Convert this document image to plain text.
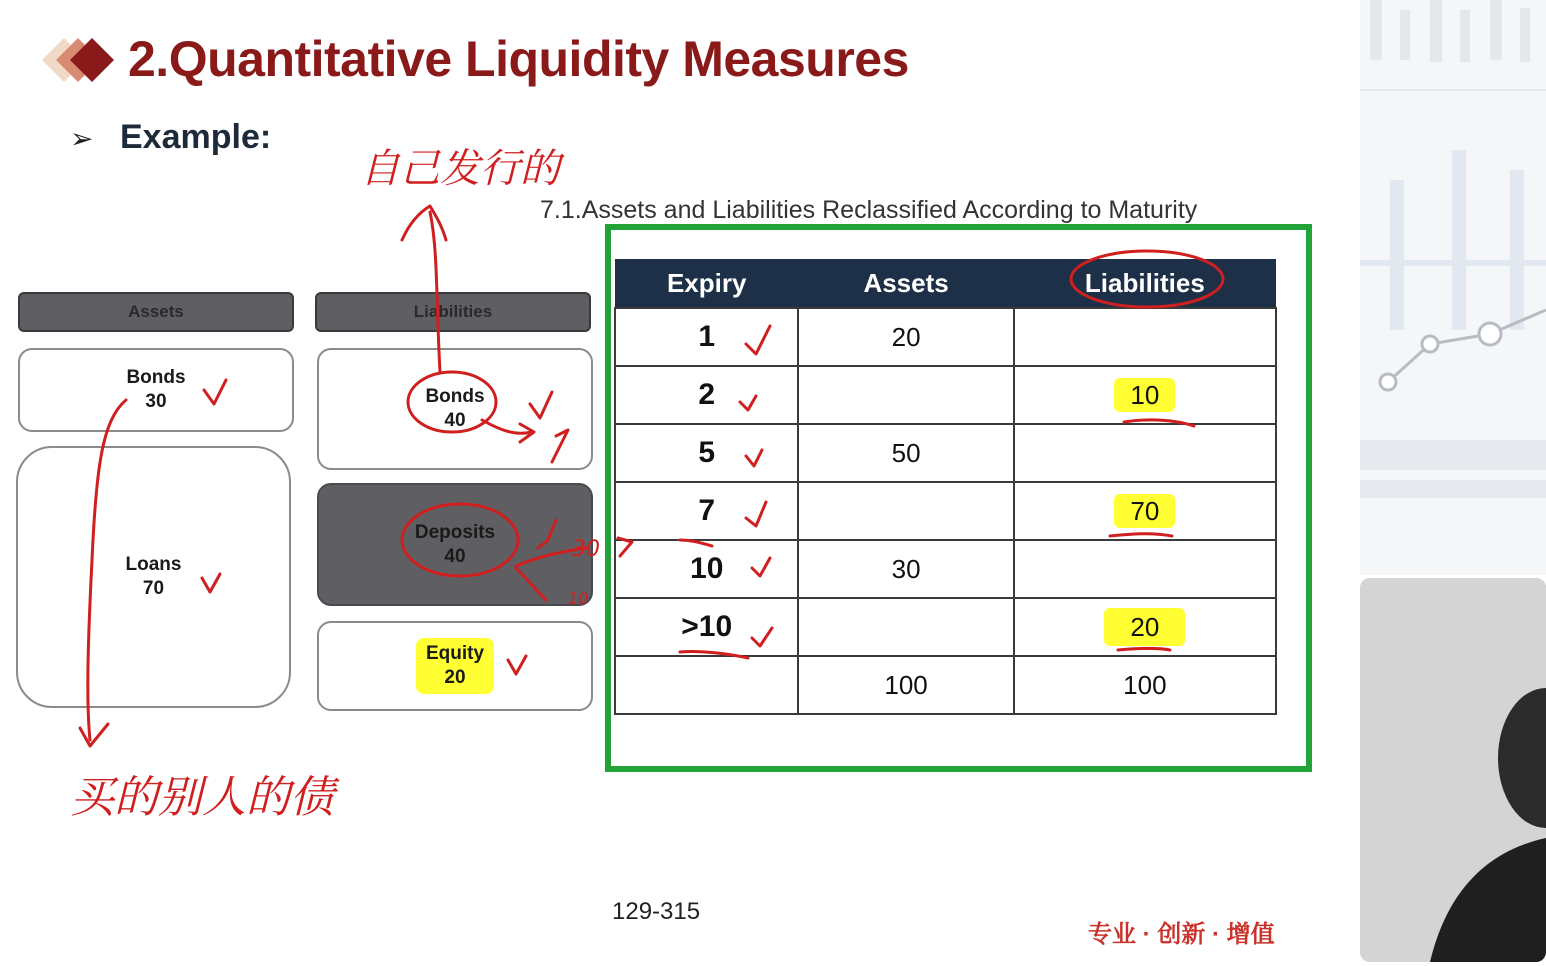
2.Quantitative Liquidity Measures
➢ Example:
7.1.Assets and Liabilities Reclassified According to Maturity
Assets	Liabilities
Bonds
30
Loans
70
Bonds
40
Deposits
40
Equity
20
Expiry	Assets	Liabilities
1	20	
2		10
5	50	
7		70
10	30	
>10		20
	100	100
129-315
专业 · 创新 · 增值
自己发行的
买的别人的债
30
10
